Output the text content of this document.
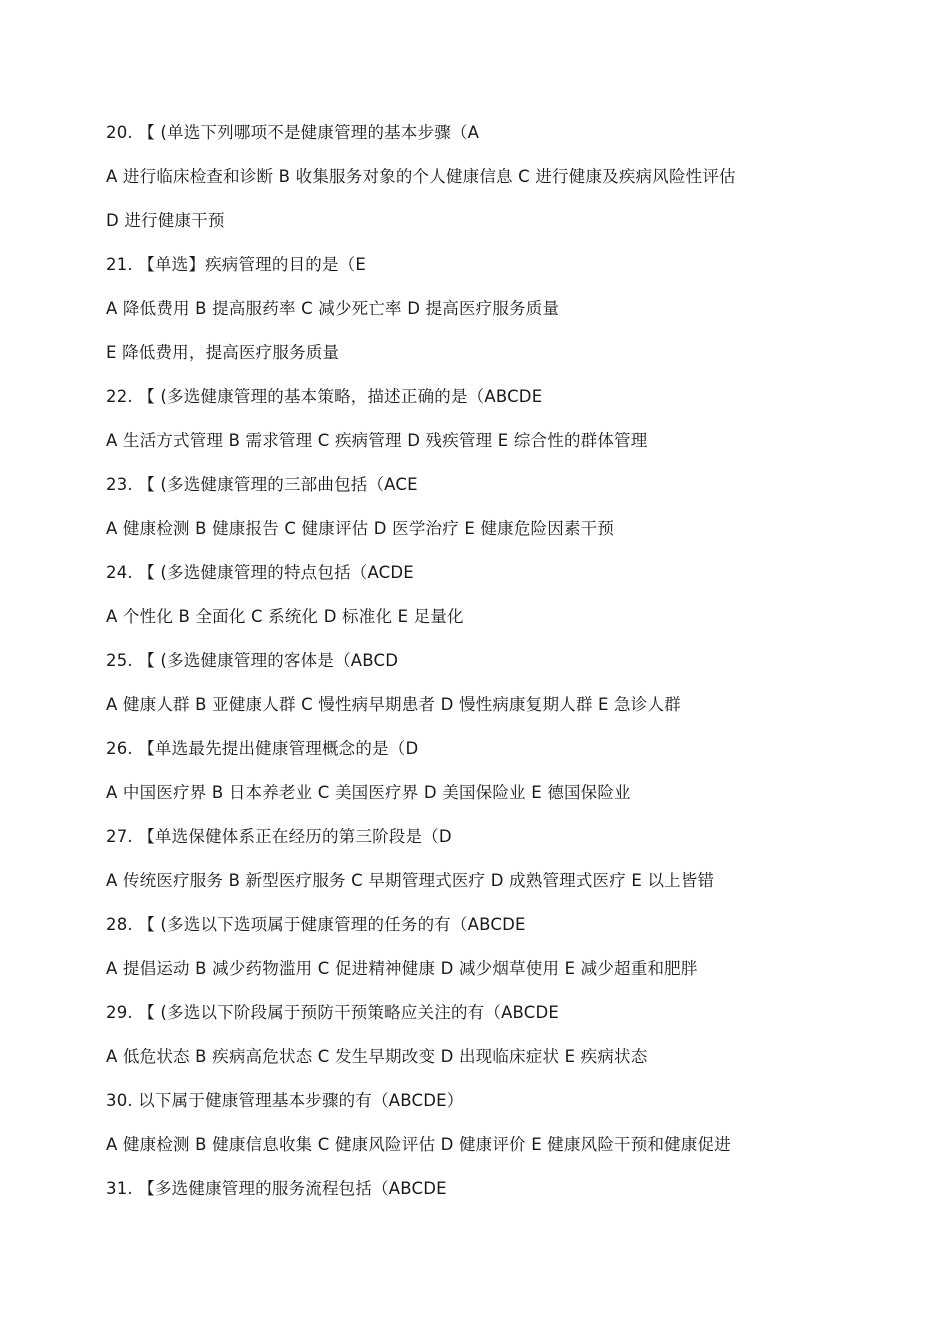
20. 【 (单选下列哪项不是健康管理的基本步骤（A
A 进行临床检查和诊断 B 收集服务对象的个人健康信息 C 进行健康及疾病风险性评估
D 进行健康干预
21. 【单选】疾病管理的目的是（E
A 降低费用 B 提高服药率 C 减少死亡率 D 提高医疗服务质量
E 降低费用，提高医疗服务质量
22. 【 (多选健康管理的基本策略，描述正确的是（ABCDE
A 生活方式管理 B 需求管理 C 疾病管理 D 残疾管理 E 综合性的群体管理
23. 【 (多选健康管理的三部曲包括（ACE
A 健康检测 B 健康报告 C 健康评估 D 医学治疗 E 健康危险因素干预
24. 【 (多选健康管理的特点包括（ACDE
A 个性化 B 全面化 C 系统化 D 标准化 E 足量化
25. 【 (多选健康管理的客体是（ABCD
A 健康人群 B 亚健康人群 C 慢性病早期患者 D 慢性病康复期人群 E 急诊人群
26. 【单选最先提出健康管理概念的是（D
A 中国医疗界 B 日本养老业 C 美国医疗界 D 美国保险业 E 德国保险业
27. 【单选保健体系正在经历的第三阶段是（D
A 传统医疗服务 B 新型医疗服务 C 早期管理式医疗 D 成熟管理式医疗 E 以上皆错
28. 【 (多选以下选项属于健康管理的任务的有（ABCDE
A 提倡运动 B 减少药物滥用 C 促进精神健康 D 减少烟草使用 E 减少超重和肥胖
29. 【 (多选以下阶段属于预防干预策略应关注的有（ABCDE
A 低危状态 B 疾病高危状态 C 发生早期改变 D 出现临床症状 E 疾病状态
30. 以下属于健康管理基本步骤的有（ABCDE）
A 健康检测 B 健康信息收集 C 健康风险评估 D 健康评价 E 健康风险干预和健康促进
31. 【多选健康管理的服务流程包括（ABCDE
